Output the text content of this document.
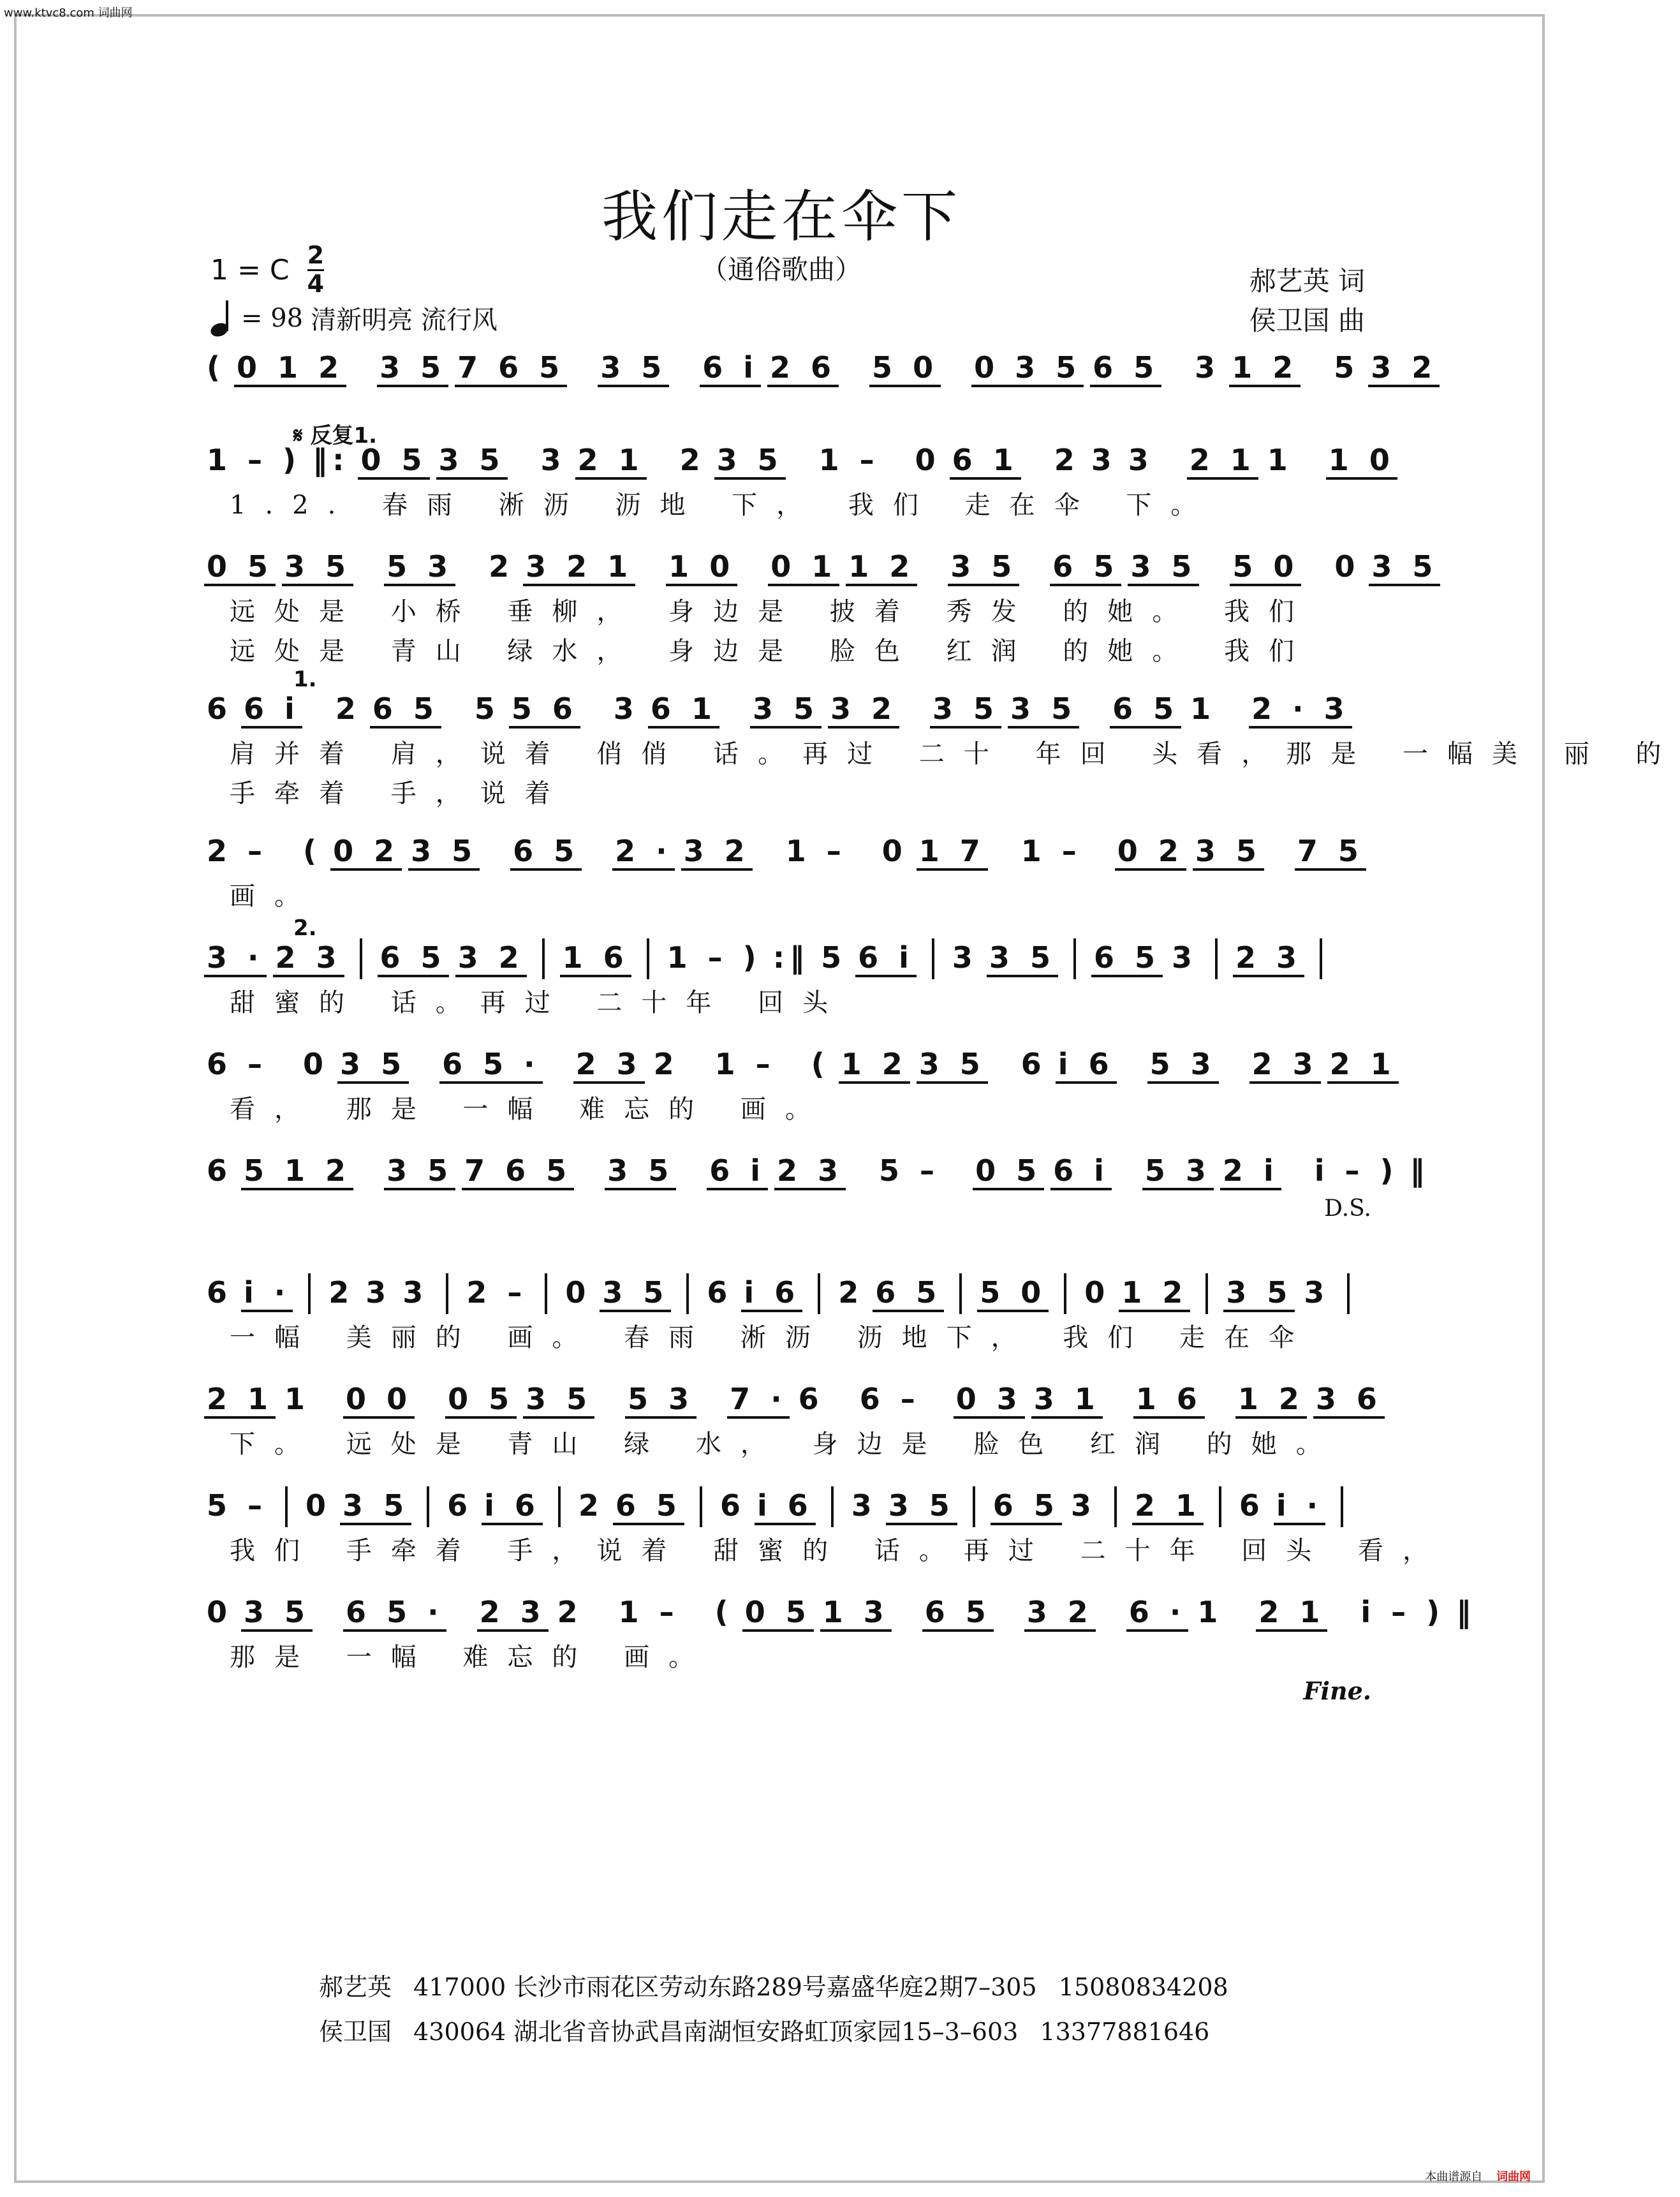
www.ktvc8.com 词曲网
我们走在伞下
（通俗歌曲）
1 = C $\frac{2}{4}$
= 98 清新明亮 流行风
郝艺英 词
侯卫国 曲
( 0 1 2 3 5 7 6 5 3 5 6 i 2 6 5 0 0 3 5 6 5 3 1 2 5 3 2
𝄋 反复1.
1 – ) ‖: 0 5 3 5 3 2 1 2 3 5 1 – 0 6 1 2 3 3 2 1 1 1 0
1.2. 春雨 淅沥 沥地 下， 我们 走在伞 下。
0 5 3 5 5 3 2 3 2 1 1 0 0 1 1 2 3 5 6 5 3 5 5 0 0 3 5
远处是 小桥 垂柳， 身边是 披着 秀发 的她。 我们
远处是 青山 绿水， 身边是 脸色 红润 的她。 我们
1.
6 6 i 2 6 5 5 5 6 3 6 1 3 5 3 2 3 5 3 5 6 5 1 2 · 3
肩并着 肩，说着 俏俏 话。再过 二十 年回 头看，那是 一幅美 丽 的
手牵着 手，说着
2 – ( 0 2 3 5 6 5 2 · 3 2 1 – 0 1 7 1 – 0 2 3 5 7 5
画。
2.
3 · 2 3 6 5 3 2 1 6 1 – ) :‖ 5 6 i 3 3 5 6 5 3 2 3
甜蜜的 话。再过 二十年 回头
6 – 0 3 5 6 5 · 2 3 2 1 – ( 1 2 3 5 6 i 6 5 3 2 3 2 1
看， 那是 一幅 难忘的 画。
6 5 1 2 3 5 7 6 5 3 5 6 i 2 3 5 – 0 5 6 i 5 3 2 i i – ) ‖
D.S.
6 i · 2 3 3 2 – 0 3 5 6 i 6 2 6 5 5 0 0 1 2 3 5 3
一幅 美丽的 画。 春雨 淅沥 沥地下， 我们 走在伞
2 1 1 0 0 0 5 3 5 5 3 7 · 6 6 – 0 3 3 1 1 6 1 2 3 6
下。 远处是 青山 绿 水， 身边是 脸色 红润 的她。
5 – 0 3 5 6 i 6 2 6 5 6 i 6 3 3 5 6 5 3 2 1 6 i ·
我们 手牵着 手，说着 甜蜜的 话。再过 二十年 回头 看，
0 3 5 6 5 · 2 3 2 1 – ( 0 5 1 3 6 5 3 2 6 · 1 2 1 i – ) ‖
那是 一幅 难忘的 画。
Fine.
郝艺英 417000 长沙市雨花区劳动东路289号嘉盛华庭2期7–305 15080834208
侯卫国 430064 湖北省音协武昌南湖恒安路虹顶家园15–3–603 13377881646
本曲谱源自 词曲网
